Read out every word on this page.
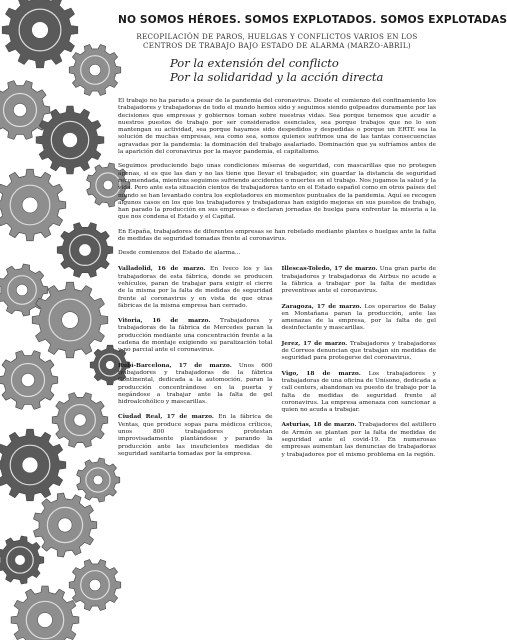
NO SOMOS HÉROES. SOMOS EXPLOTADOS. SOMOS EXPLOTADAS
RECOPILACIÓN DE PAROS, HUELGAS Y CONFLICTOS VARIOS EN LOS CENTROS DE TRABAJO BAJO ESTADO DE ALARMA (MARZO-ABRIL)
Por la extensión del conflicto
Por la solidaridad y la acción directa

El trabajo no ha parado a pesar de la pandemia del coronavirus. Desde el comienzo del confinamiento los trabajadores y trabajadoras de todo el mundo hemos sido y seguimos siendo golpeados duramente por las decisiones que empresas y gobiernos toman sobre nuestras vidas. Sea porque tenemos que acudir a nuestros puestos de trabajo por ser considerados esenciales, sea porque trabajos que no lo son mantengan su actividad, sea porque hayamos sido despedidos y despedidas o porque un ERTE sea la solución de muchas empresas, sea como sea, somos quienes sufrimos una de las tantas consecuencias agravadas por la pandemia: la dominación del trabajo asalariado. Dominación que ya sufríamos antes de la aparición del coronavirus por la mayor pandemia, el capitalismo.

Seguimos produciendo bajo unas condiciones míseras de seguridad, con mascarillas que no protegen apenas, si es que las dan y no las tiene que llevar el trabajador, sin guardar la distancia de seguridad recomendada, mientras seguimos sufriendo accidentes o muertes en el trabajo. Nos jugamos la salud y la vida. Pero ante esta situación cientos de trabajadores tanto en el Estado español como en otros países del mundo se han levantado contra los explotadores en momentos puntuales de la pandemia. Aquí se recogen algunos casos en los que los trabajadores y trabajadoras han exigido mejoras en sus puestos de trabajo, han parado la producción en sus empresas o declaran jornadas de huelga para enfrentar la miseria a la que nos condena el Estado y el Capital.

En España, trabajadores de diferentes empresas se han rebelado mediante plantes o huelgas ante la falta de medidas de seguridad tomadas frente al coronavirus.

Desde comienzos del Estado de alarma...

Valladolid, 16 de marzo. En Iveco los y las trabajadoras de esta fábrica, donde se producen vehículos, paran de trabajar para exigir el cierre de la misma por la falta de medidas de seguridad frente al coronavirus y en vista de que otras fábricas de la misma empresa han cerrado.

Vitoria, 16 de marzo. Trabajadores y trabajadoras de la fábrica de Mercedes paran la producción mediante una concentración frente a la cadena de montaje exigiendo su paralización total y no parcial ante el coronavirus.

Rubí-Barcelona, 17 de marzo. Unos 600 trabajadores y trabajadoras de la fábrica Continental, dedicada a la automoción, paran la producción concentrándose en la puerta y negándose a trabajar ante la falta de gel hidroalcohólico y mascarillas.

Ciudad Real, 17 de marzo. En la fábrica de Ventas, que produce sopas para médicos críticos, unos 800 trabajadores protestan improvisadamente plantándose y parando la producción ante las insuficientes medidas de seguridad sanitaria tomadas por la empresa.

Illescas-Toledo, 17 de marzo. Una gran parte de trabajadores y trabajadoras de Airbus no acude a la fábrica a trabajar por la falta de medidas preventivas ante el coronavirus.

Zaragoza, 17 de marzo. Los operarios de Balay en Montañana paran la producción, ante las amenazas de la empresa, por la falta de gel desinfectante y mascarillas.

Jerez, 17 de marzo. Trabajadores y trabajadoras de Correos denuncian que trabajan sin medidas de seguridad para protegerse del coronavirus.

Vigo, 18 de marzo. Los trabajadores y trabajadoras de una oficina de Unísono, dedicada a call centers, abandonan su puesto de trabajo por la falta de medidas de seguridad frente al coronavirus. La empresa amenaza con sancionar a quien no acuda a trabajar.

Asturias, 18 de marzo. Trabajadores del astillero de Armón se plantan por la falta de medidas de seguridad ante el covid-19. En numerosas empresas aumentan las denuncias de trabajadoras y trabajadores por el mismo problema en la región.
